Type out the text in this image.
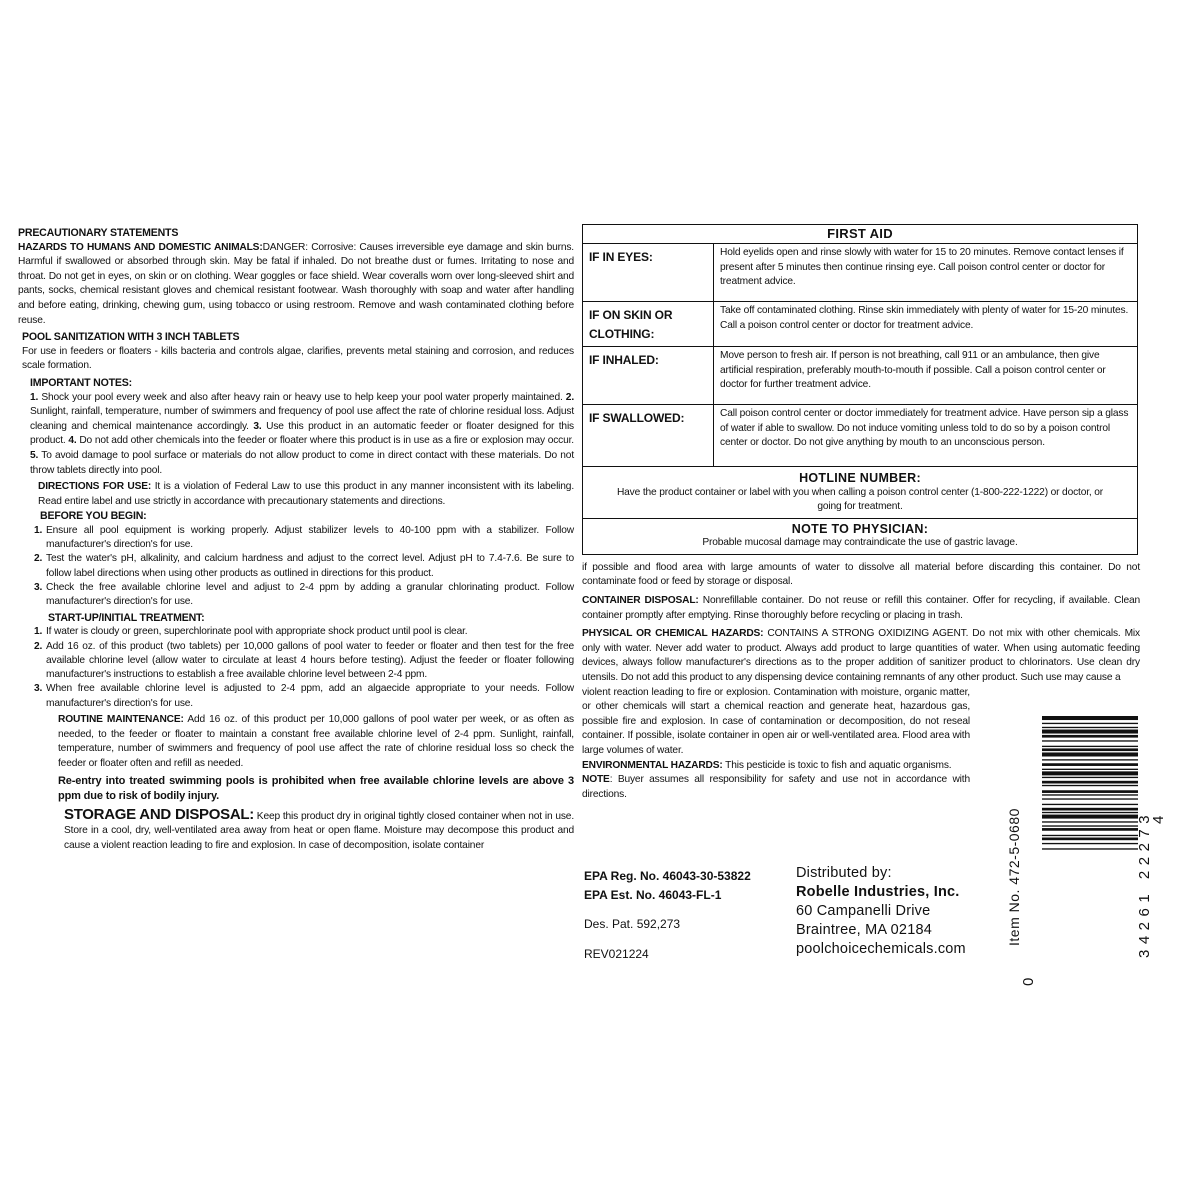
PRECAUTIONARY STATEMENTS

HAZARDS TO HUMANS AND DOMESTIC ANIMALS:DANGER: Corrosive: Causes irreversible eye damage and skin burns. Harmful if swallowed or absorbed through skin. May be fatal if inhaled. Do not breathe dust or fumes. Irritating to nose and throat. Do not get in eyes, on skin or on clothing. Wear goggles or face shield. Wear coveralls worn over long-sleeved shirt and pants, socks, chemical resistant gloves and chemical resistant footwear. Wash thoroughly with soap and water after handling and before eating, drinking, chewing gum, using tobacco or using restroom. Remove and wash contaminated clothing before reuse.

POOL SANITIZATION WITH 3 INCH TABLETS

For use in feeders or floaters - kills bacteria and controls algae, clarifies, prevents metal staining and corrosion, and reduces scale formation.

IMPORTANT NOTES:

1. Shock your pool every week and also after heavy rain or heavy use to help keep your pool water properly maintained. 2. Sunlight, rainfall, temperature, number of swimmers and frequency of pool use affect the rate of chlorine residual loss. Adjust cleaning and chemical maintenance accordingly. 3. Use this product in an automatic feeder or floater designed for this product. 4. Do not add other chemicals into the feeder or floater where this product is in use as a fire or explosion may occur. 5. To avoid damage to pool surface or materials do not allow product to come in direct contact with these materials. Do not throw tablets directly into pool.

DIRECTIONS FOR USE: It is a violation of Federal Law to use this product in any manner inconsistent with its labeling. Read entire label and use strictly in accordance with precautionary statements and directions.

BEFORE YOU BEGIN:

1. Ensure all pool equipment is working properly. Adjust stabilizer levels to 40-100 ppm with a stabilizer. Follow manufacturer's direction's for use.
2. Test the water's pH, alkalinity, and calcium hardness and adjust to the correct level. Adjust pH to 7.4-7.6. Be sure to follow label directions when using other products as outlined in directions for this product.
3. Check the free available chlorine level and adjust to 2-4 ppm by adding a granular chlorinating product. Follow manufacturer's direction's for use.

START-UP/INITIAL TREATMENT:

1. If water is cloudy or green, superchlorinate pool with appropriate shock product until pool is clear.
2. Add 16 oz. of this product (two tablets) per 10,000 gallons of pool water to feeder or floater and then test for the free available chlorine level (allow water to circulate at least 4 hours before testing). Adjust the feeder or floater following manufacturer's instructions to establish a free available chlorine level between 2-4 ppm.
3. When free available chlorine level is adjusted to 2-4 ppm, add an algaecide appropriate to your needs. Follow manufacturer's direction's for use.

ROUTINE MAINTENANCE: Add 16 oz. of this product per 10,000 gallons of pool water per week, or as often as needed, to the feeder or floater to maintain a constant free available chlorine level of 2-4 ppm. Sunlight, rainfall, temperature, number of swimmers and frequency of pool use affect the rate of chlorine residual loss so check the feeder or floater often and refill as needed.

Re-entry into treated swimming pools is prohibited when free available chlorine levels are above 3 ppm due to risk of bodily injury.

STORAGE AND DISPOSAL: Keep this product dry in original tightly closed container when not in use. Store in a cool, dry, well-ventilated area away from heat or open flame. Moisture may decompose this product and cause a violent reaction leading to fire and explosion. In case of decomposition, isolate container

FIRST AID	
IF IN EYES:	Hold eyelids open and rinse slowly with water for 15 to 20 minutes. Remove contact lenses if present after 5 minutes then continue rinsing eye. Call poison control center or doctor for treatment advice.
IF ON SKIN OR CLOTHING:	Take off contaminated clothing. Rinse skin immediately with plenty of water for 15-20 minutes. Call a poison control center or doctor for treatment advice.
IF INHALED:	Move person to fresh air. If person is not breathing, call 911 or an ambulance, then give artificial respiration, preferably mouth-to-mouth if possible. Call a poison control center or doctor for further treatment advice.
IF SWALLOWED:	Call poison control center or doctor immediately for treatment advice. Have person sip a glass of water if able to swallow. Do not induce vomiting unless told to do so by a poison control center or doctor. Do not give anything by mouth to an unconscious person.

HOTLINE NUMBER:
Have the product container or label with you when calling a poison control center (1-800-222-1222) or doctor, or going for treatment.	

NOTE TO PHYSICIAN:
Probable mucosal damage may contraindicate the use of gastric lavage.	

if possible and flood area with large amounts of water to dissolve all material before discarding this container. Do not contaminate food or feed by storage or disposal.

CONTAINER DISPOSAL: Nonrefillable container. Do not reuse or refill this container. Offer for recycling, if available. Clean container promptly after emptying. Rinse thoroughly before recycling or placing in trash.

PHYSICAL OR CHEMICAL HAZARDS: CONTAINS A STRONG OXIDIZING AGENT. Do not mix with other chemicals. Mix only with water. Never add water to product. Always add product to large quantities of water. When using automatic feeding devices, always follow manufacturer's directions as to the proper addition of sanitizer product to chlorinators. Use clean dry utensils. Do not add this product to any dispensing device containing remnants of any other product. Such use may cause a

violent reaction leading to fire or explosion. Contamination with moisture, organic matter, or other chemicals will start a chemical reaction and generate heat, hazardous gas, possible fire and explosion. In case of contamination or decomposition, do not reseal container. If possible, isolate container in open air or well-ventilated area. Flood area with large volumes of water.

ENVIRONMENTAL HAZARDS: This pesticide is toxic to fish and aquatic organisms.

NOTE: Buyer assumes all responsibility for safety and use not in accordance with directions.

EPA Reg. No. 46043-30-53822
EPA Est. No. 46043-FL-1
Des. Pat. 592,273
REV021224
Distributed by:
Robelle Industries, Inc.
60 Campanelli Drive
Braintree, MA 02184
poolchoicechemicals.com
Item No. 472-5-0680
0
34261 22273
4
